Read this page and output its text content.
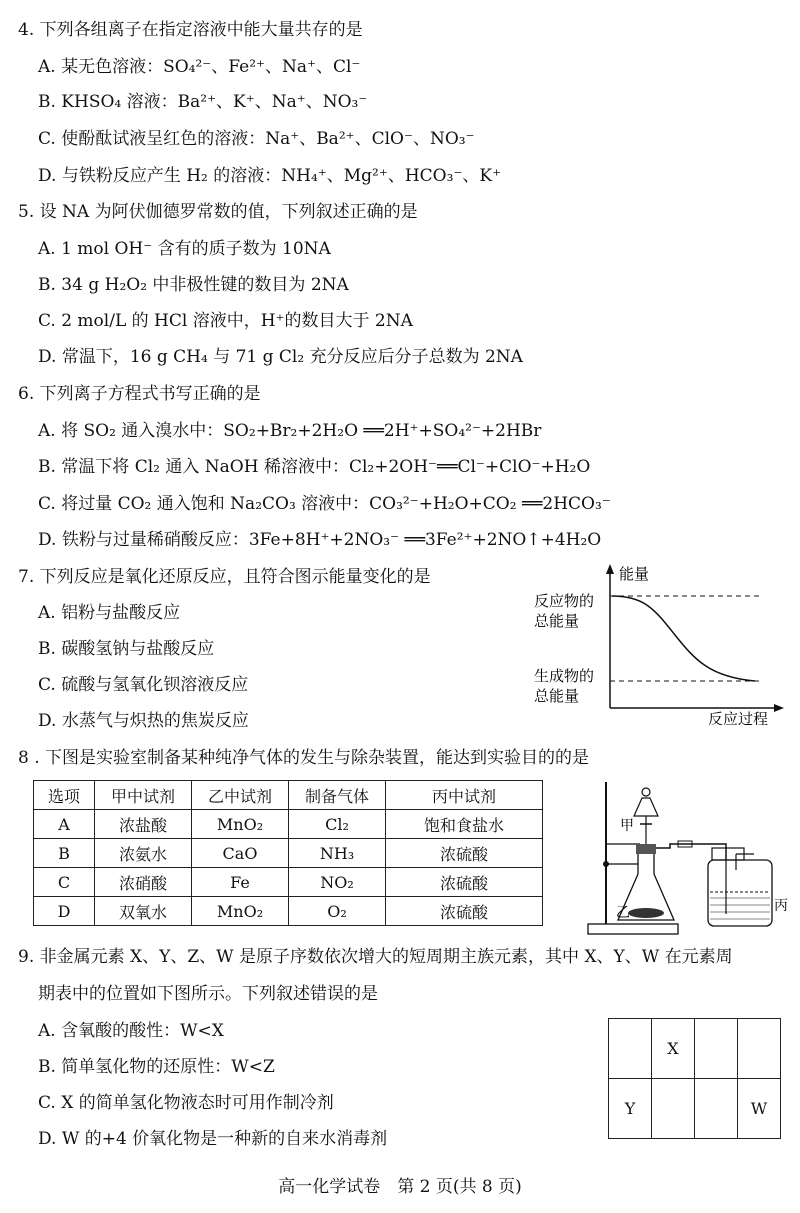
4. 下列各组离子在指定溶液中能大量共存的是
A. 某无色溶液：SO₄²⁻、Fe²⁺、Na⁺、Cl⁻
B. KHSO₄ 溶液：Ba²⁺、K⁺、Na⁺、NO₃⁻
C. 使酚酞试液呈红色的溶液：Na⁺、Ba²⁺、ClO⁻、NO₃⁻
D. 与铁粉反应产生 H₂ 的溶液：NH₄⁺、Mg²⁺、HCO₃⁻、K⁺
5. 设 NA 为阿伏伽德罗常数的值，下列叙述正确的是
A. 1 mol OH⁻ 含有的质子数为 10NA
B. 34 g H₂O₂ 中非极性键的数目为 2NA
C. 2 mol/L 的 HCl 溶液中，H⁺的数目大于 2NA
D. 常温下，16 g CH₄ 与 71 g Cl₂ 充分反应后分子总数为 2NA
6. 下列离子方程式书写正确的是
A. 将 SO₂ 通入溴水中：SO₂+Br₂+2H₂O ══2H⁺+SO₄²⁻+2HBr
B. 常温下将 Cl₂ 通入 NaOH 稀溶液中：Cl₂+2OH⁻══Cl⁻+ClO⁻+H₂O
C. 将过量 CO₂ 通入饱和 Na₂CO₃ 溶液中：CO₃²⁻+H₂O+CO₂ ══2HCO₃⁻
D. 铁粉与过量稀硝酸反应：3Fe+8H⁺+2NO₃⁻ ══3Fe²⁺+2NO↑+4H₂O
7. 下列反应是氧化还原反应，且符合图示能量变化的是
A. 铝粉与盐酸反应
B. 碳酸氢钠与盐酸反应
C. 硫酸与氢氧化钡溶液反应
D. 水蒸气与炽热的焦炭反应
能量
反应过程
反应物的
总能量
生成物的
总能量
8 . 下图是实验室制备某种纯净气体的发生与除杂装置，能达到实验目的的是
选项	甲中试剂	乙中试剂	制备气体	丙中试剂
A	浓盐酸	MnO₂	Cl₂	饱和食盐水
B	浓氨水	CaO	NH₃	浓硫酸
C	浓硝酸	Fe	NO₂	浓硫酸
D	双氧水	MnO₂	O₂	浓硫酸
甲
乙	丙
9. 非金属元素 X、Y、Z、W 是原子序数依次增大的短周期主族元素，其中 X、Y、W 在元素周
期表中的位置如下图所示。下列叙述错误的是
A. 含氧酸的酸性：W<X
B. 简单氢化物的还原性：W<Z
C. X 的简单氢化物液态时可用作制冷剂
D. W 的+4 价氧化物是一种新的自来水消毒剂
	X		
Y			W
高一化学试卷　第 2 页(共 8 页)
